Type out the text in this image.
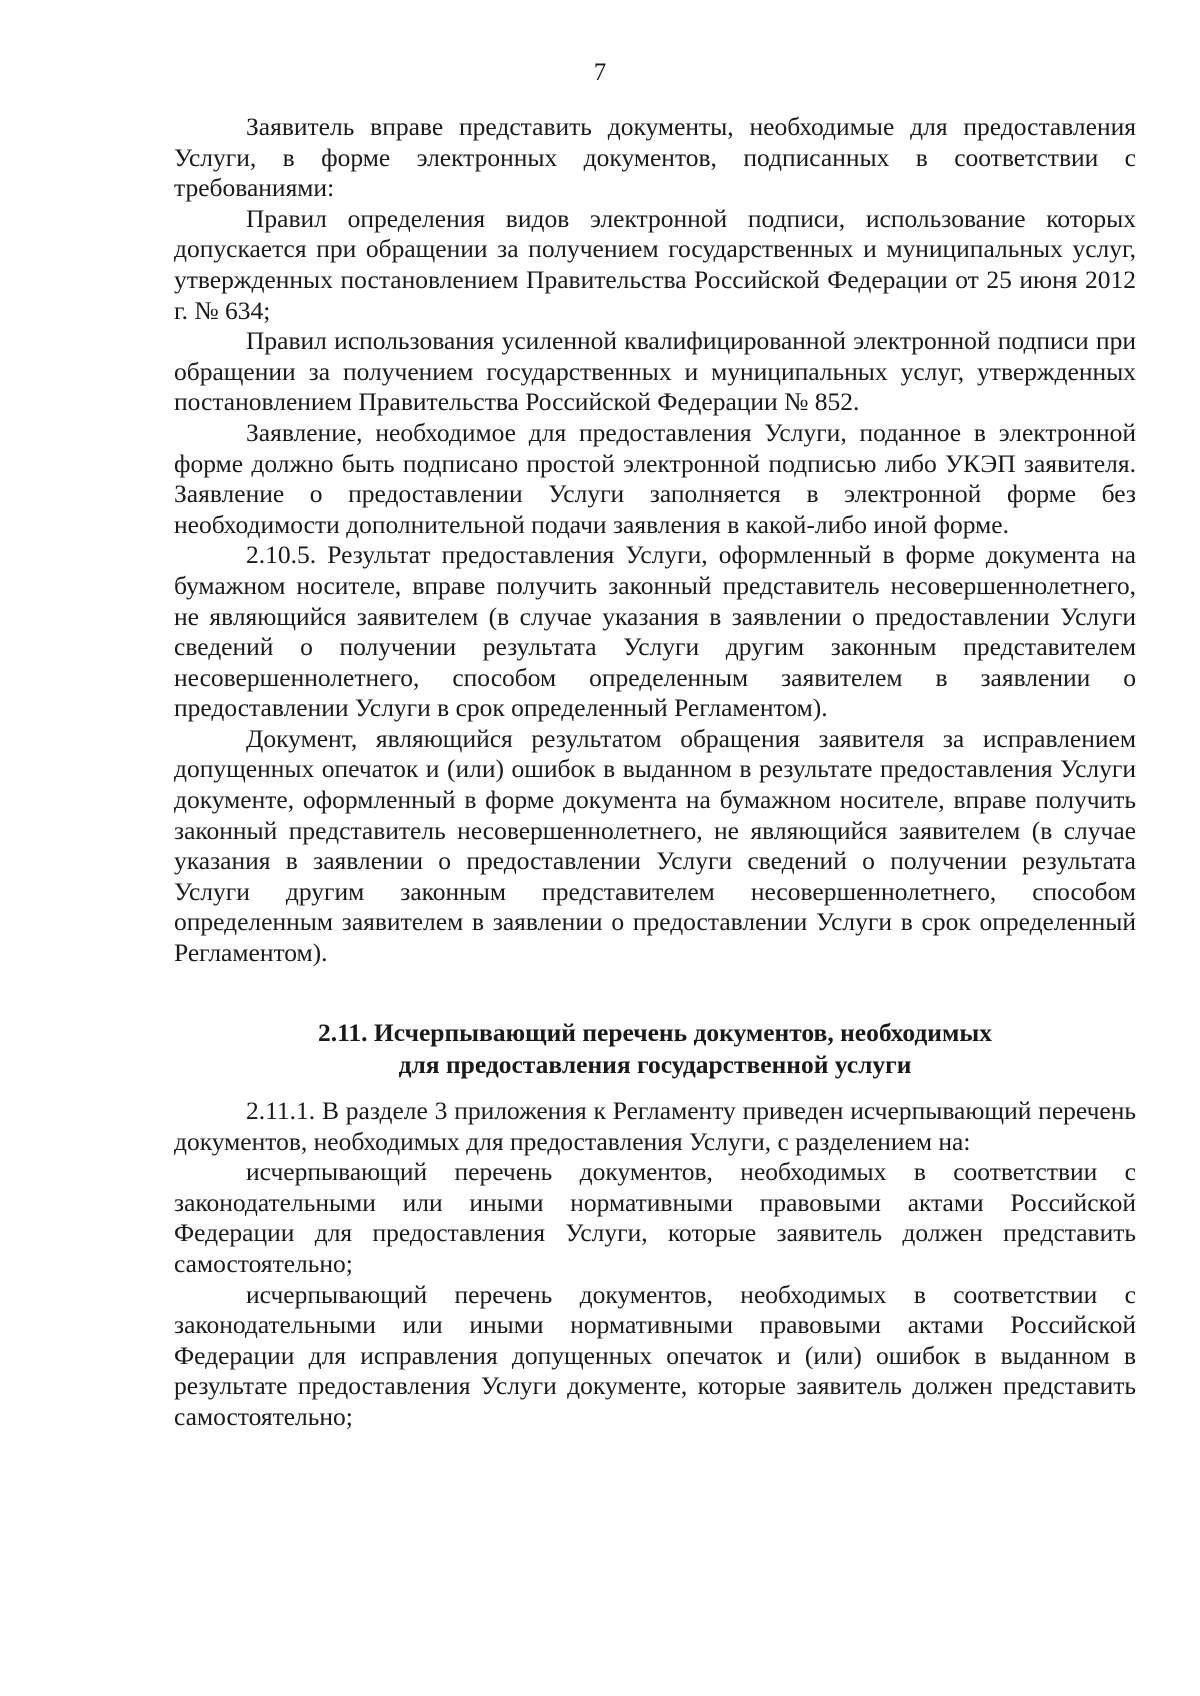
7

Заявитель вправе представить документы, необходимые для предоставления Услуги, в форме электронных документов, подписанных в соответствии с требованиями:

Правил определения видов электронной подписи, использование которых допускается при обращении за получением государственных и муниципальных услуг, утвержденных постановлением Правительства Российской Федерации от 25 июня 2012 г. № 634;

Правил использования усиленной квалифицированной электронной подписи при обращении за получением государственных и муниципальных услуг, утвержденных постановлением Правительства Российской Федерации № 852.

Заявление, необходимое для предоставления Услуги, поданное в электронной форме должно быть подписано простой электронной подписью либо УКЭП заявителя. Заявление о предоставлении Услуги заполняется в электронной форме без необходимости дополнительной подачи заявления в какой-либо иной форме.

2.10.5. Результат предоставления Услуги, оформленный в форме документа на бумажном носителе, вправе получить законный представитель несовершеннолетнего, не являющийся заявителем (в случае указания в заявлении о предоставлении Услуги сведений о получении результата Услуги другим законным представителем несовершеннолетнего, способом определенным заявителем в заявлении о предоставлении Услуги в срок определенный Регламентом).

Документ, являющийся результатом обращения заявителя за исправлением допущенных опечаток и (или) ошибок в выданном в результате предоставления Услуги документе, оформленный в форме документа на бумажном носителе, вправе получить законный представитель несовершеннолетнего, не являющийся заявителем (в случае указания в заявлении о предоставлении Услуги сведений о получении результата Услуги другим законным представителем несовершеннолетнего, способом определенным заявителем в заявлении о предоставлении Услуги в срок определенный Регламентом).

2.11. Исчерпывающий перечень документов, необходимых
для предоставления государственной услуги

2.11.1. В разделе 3 приложения к Регламенту приведен исчерпывающий перечень документов, необходимых для предоставления Услуги, с разделением на:

исчерпывающий перечень документов, необходимых в соответствии с законодательными или иными нормативными правовыми актами Российской Федерации для предоставления Услуги, которые заявитель должен представить самостоятельно;

исчерпывающий перечень документов, необходимых в соответствии с законодательными или иными нормативными правовыми актами Российской Федерации для исправления допущенных опечаток и (или) ошибок в выданном в результате предоставления Услуги документе, которые заявитель должен представить самостоятельно;
